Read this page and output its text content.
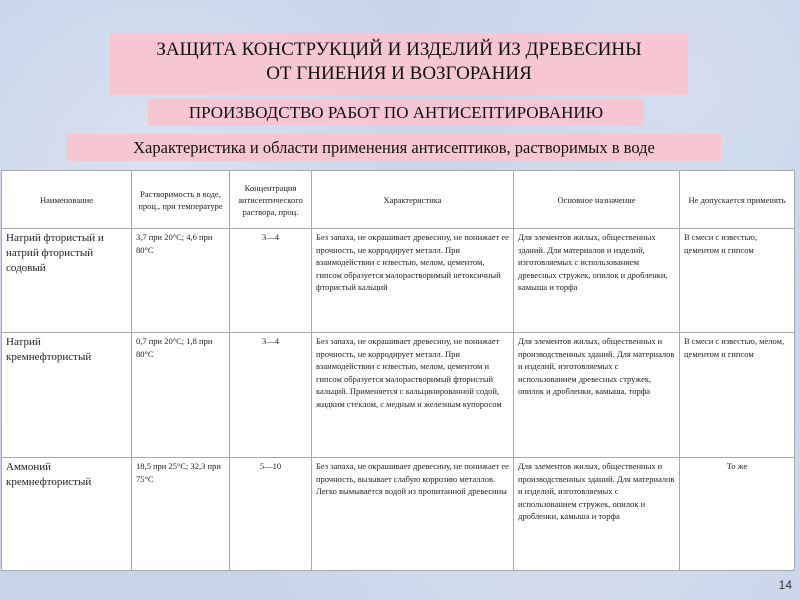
ЗАЩИТА КОНСТРУКЦИЙ И ИЗДЕЛИЙ ИЗ ДРЕВЕСИНЫ
ОТ ГНИЕНИЯ И ВОЗГОРАНИЯ
ПРОИЗВОДСТВО РАБОТ ПО АНТИСЕПТИРОВАНИЮ
Характеристика и области применения антисептиков, растворимых в воде
Наименование	Растворимость в воде, проц., при температуре	Концентрация антисептического раствора, проц.	Характеристика	Основное назначение	Не допускается применять
Натрий фтористый и натрий фтористый содовый	3,7 при 20°С; 4,6 при 80°С	3—4	Без запаха, не окрашивает древесину, не понижает ее прочность, не корродирует металл. При взаимодействии с известью, мелом, цементом, гипсом образуется малорастворимый нетоксичный фтористый кальций	Для элементов жилых, общественных зданий. Для материалов и изделий, изготовляемых с использованием древесных стружек, опилок и дробленки, камыша и торфа	В смеси с известью, цементом и гипсом
Натрий кремнефтористый	0,7 при 20°С; 1,8 при 80°С	3—4	Без запаха, не окрашивает древесину, не понижает прочность, не корродирует металл. При взаимодействии с известью, мелом, цементом и гипсом образуется малорастворимый фтористый кальций. Применяется с кальцинированной содой, жидким стеклом, с медным и железным купоросом	Для элементов жилых, общественных и производственных зданий. Для материалов и изделий, изготовляемых с использованием древесных стружек, опилок и дробленки, камыша, торфа	В смеси с известью, мелом, цементом и гипсом
Аммоний кремнефтористый	18,5 при 25°С; 32,3 при 75°С	5—10	Без запаха, не окрашивает древесину, не понижает ее прочность, вызывает слабую коррозию металлов. Легко вымывается водой из пропитанной древесины	Для элементов жилых, общественных и производственных зданий. Для материалов и изделий, изготовляемых с использованием стружек, опилок и дробленки, камыша и торфа	То же
14
